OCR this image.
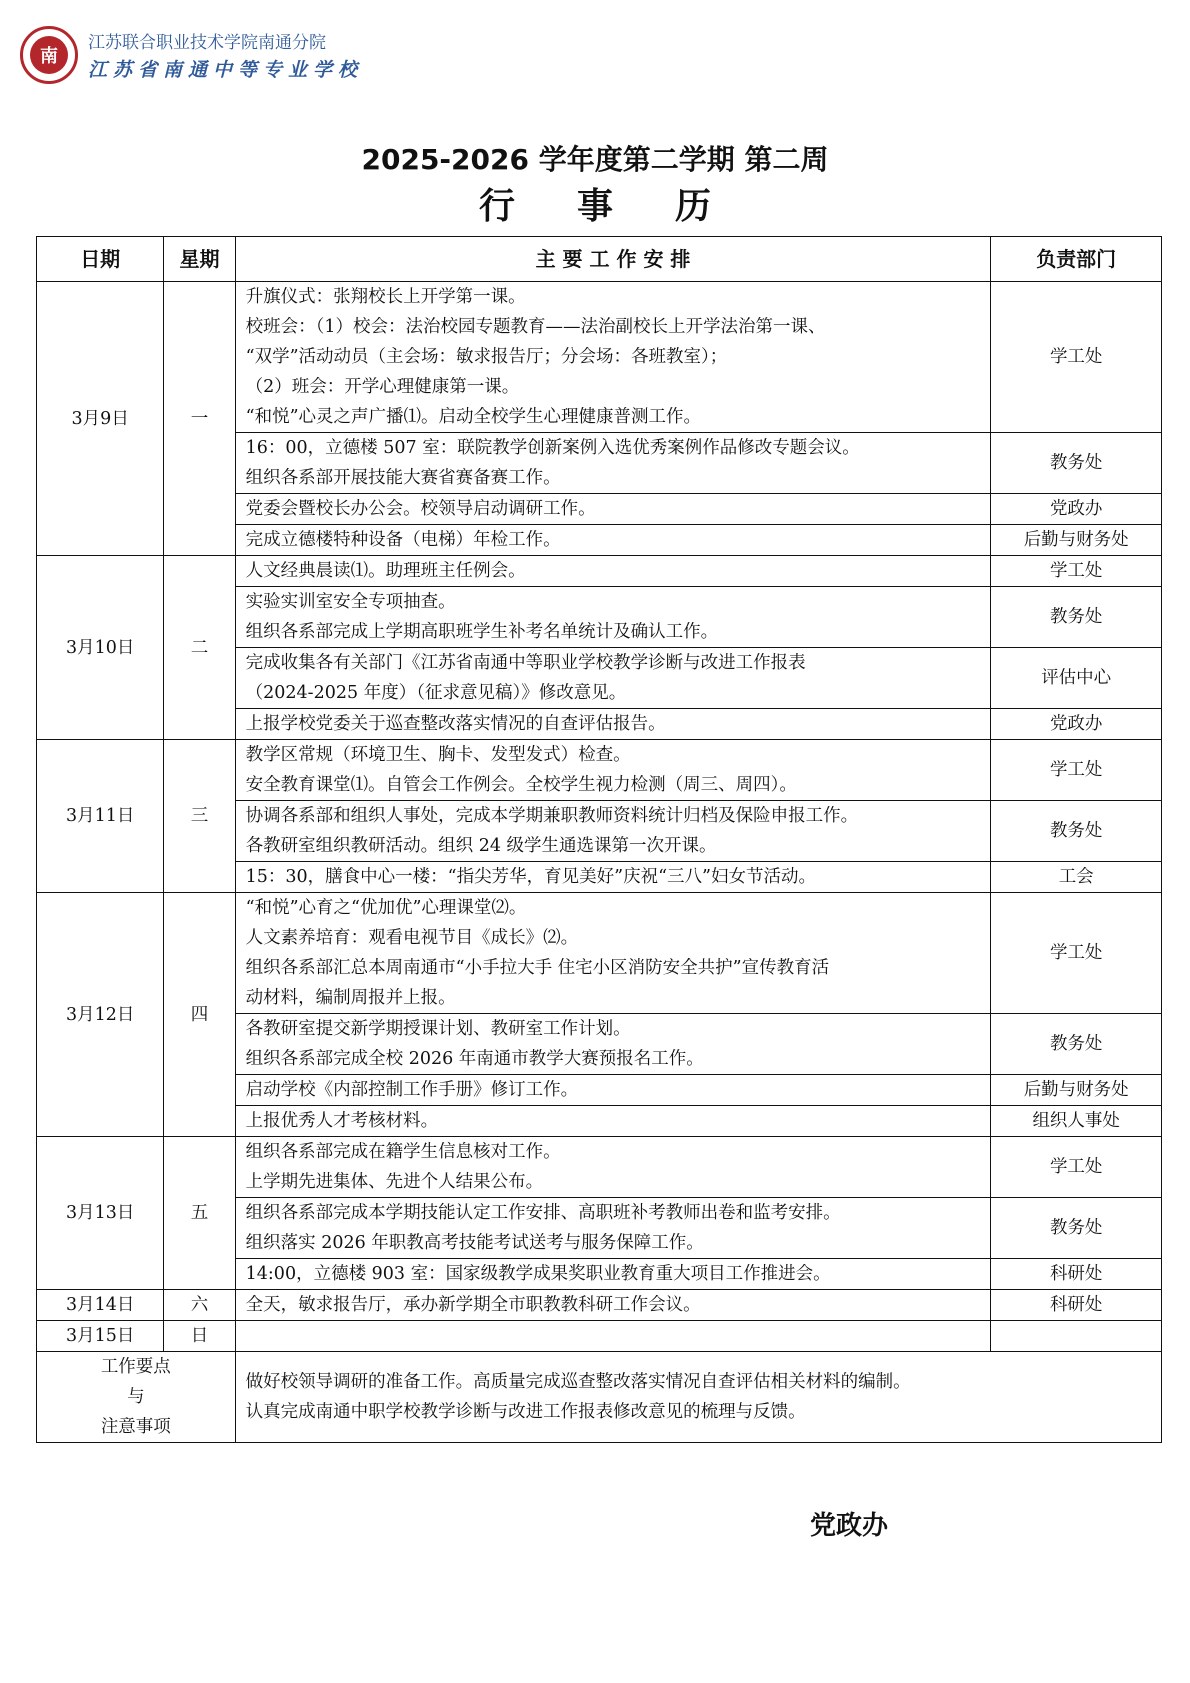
南
江苏联合职业技术学院南通分院
江苏省南通中等专业学校
2025-2026 学年度第二学期 第二周
行事历
日期	星期	主 要 工 作 安 排	负责部门
3月9日	一	升旗仪式：张翔校长上开学第一课。
校班会：（1）校会：法治校园专题教育——法治副校长上开学法治第一课、
“双学”活动动员（主会场：敏求报告厅；分会场：各班教室）；
（2）班会：开学心理健康第一课。
“和悦”心灵之声广播⑴。启动全校学生心理健康普测工作。	学工处

		16：00，立德楼 507 室：联院教学创新案例入选优秀案例作品修改专题会议。
组织各系部开展技能大赛省赛备赛工作。	教务处

		党委会暨校长办公会。校领导启动调研工作。	党政办

		完成立德楼特种设备（电梯）年检工作。	后勤与财务处
3月10日	二	人文经典晨读⑴。助理班主任例会。	学工处

		实验实训室安全专项抽查。
组织各系部完成上学期高职班学生补考名单统计及确认工作。	教务处

		完成收集各有关部门《江苏省南通中等职业学校教学诊断与改进工作报表
（2024-2025 年度）（征求意见稿）》修改意见。	评估中心

		上报学校党委关于巡查整改落实情况的自查评估报告。	党政办
3月11日	三	教学区常规（环境卫生、胸卡、发型发式）检查。
安全教育课堂⑴。自管会工作例会。全校学生视力检测（周三、周四）。	学工处

		协调各系部和组织人事处，完成本学期兼职教师资料统计归档及保险申报工作。
各教研室组织教研活动。组织 24 级学生通选课第一次开课。	教务处

		15：30，膳食中心一楼：“指尖芳华，育见美好”庆祝“三八”妇女节活动。	工会
3月12日	四	“和悦”心育之“优加优”心理课堂⑵。
人文素养培育：观看电视节目《成长》⑵。
组织各系部汇总本周南通市“小手拉大手 住宅小区消防安全共护”宣传教育活
动材料，编制周报并上报。	学工处

		各教研室提交新学期授课计划、教研室工作计划。
组织各系部完成全校 2026 年南通市教学大赛预报名工作。	教务处

		启动学校《内部控制工作手册》修订工作。	后勤与财务处

		上报优秀人才考核材料。	组织人事处
3月13日	五	组织各系部完成在籍学生信息核对工作。
上学期先进集体、先进个人结果公布。	学工处

		组织各系部完成本学期技能认定工作安排、高职班补考教师出卷和监考安排。
组织落实 2026 年职教高考技能考试送考与服务保障工作。	教务处

		14:00，立德楼 903 室：国家级教学成果奖职业教育重大项目工作推进会。	科研处
3月14日	六	全天，敏求报告厅，承办新学期全市职教教科研工作会议。	科研处
3月15日	日	

工作要点
与
注意事项		做好校领导调研的准备工作。高质量完成巡查整改落实情况自查评估相关材料的编制。
认真完成南通中职学校教学诊断与改进工作报表修改意见的梳理与反馈。	
党政办
